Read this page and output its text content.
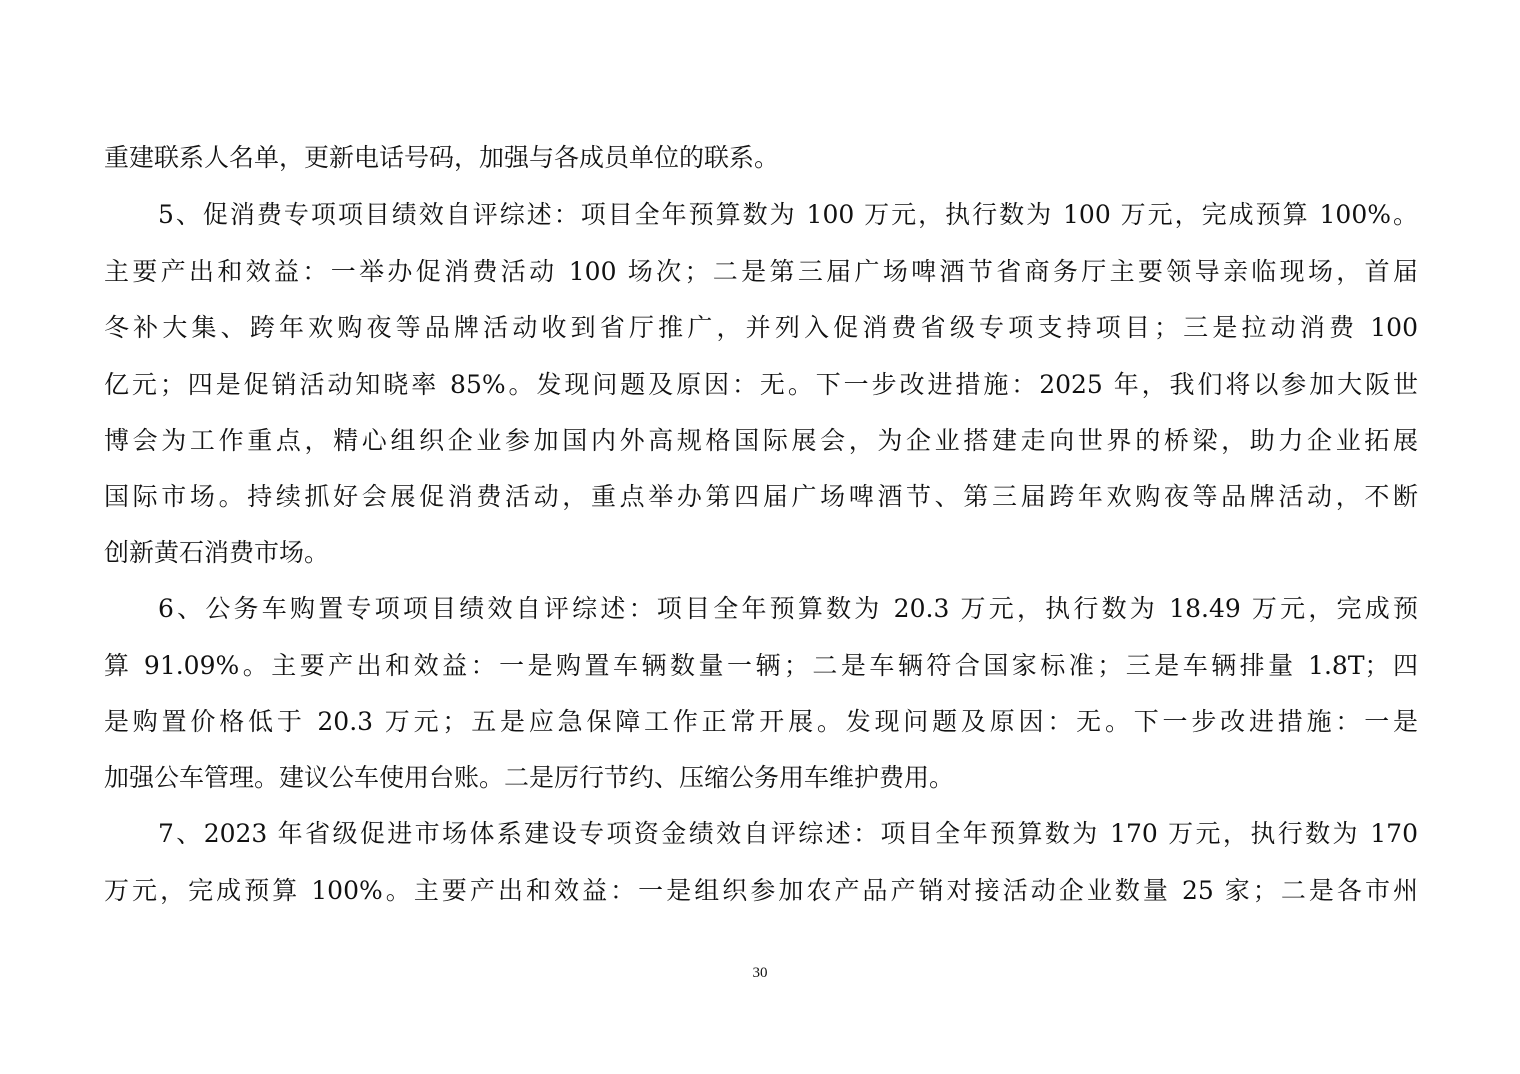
重建联系人名单，更新电话号码，加强与各成员单位的联系。
5、促消费专项项目绩效自评综述：项目全年预算数为 100 万元，执行数为 100 万元，完成预算 100%。
主要产出和效益：一举办促消费活动 100 场次；二是第三届广场啤酒节省商务厅主要领导亲临现场，首届
冬补大集、跨年欢购夜等品牌活动收到省厅推广，并列入促消费省级专项支持项目；三是拉动消费 100
亿元；四是促销活动知晓率 85%。发现问题及原因：无。下一步改进措施：2025 年，我们将以参加大阪世
博会为工作重点，精心组织企业参加国内外高规格国际展会，为企业搭建走向世界的桥梁，助力企业拓展
国际市场。持续抓好会展促消费活动，重点举办第四届广场啤酒节、第三届跨年欢购夜等品牌活动，不断
创新黄石消费市场。
6、公务车购置专项项目绩效自评综述：项目全年预算数为 20.3 万元，执行数为 18.49 万元，完成预
算 91.09%。主要产出和效益：一是购置车辆数量一辆；二是车辆符合国家标准；三是车辆排量 1.8T；四
是购置价格低于 20.3 万元；五是应急保障工作正常开展。发现问题及原因：无。下一步改进措施：一是
加强公车管理。建议公车使用台账。二是厉行节约、压缩公务用车维护费用。
7、2023 年省级促进市场体系建设专项资金绩效自评综述：项目全年预算数为 170 万元，执行数为 170
万元，完成预算 100%。主要产出和效益：一是组织参加农产品产销对接活动企业数量 25 家；二是各市州
30
